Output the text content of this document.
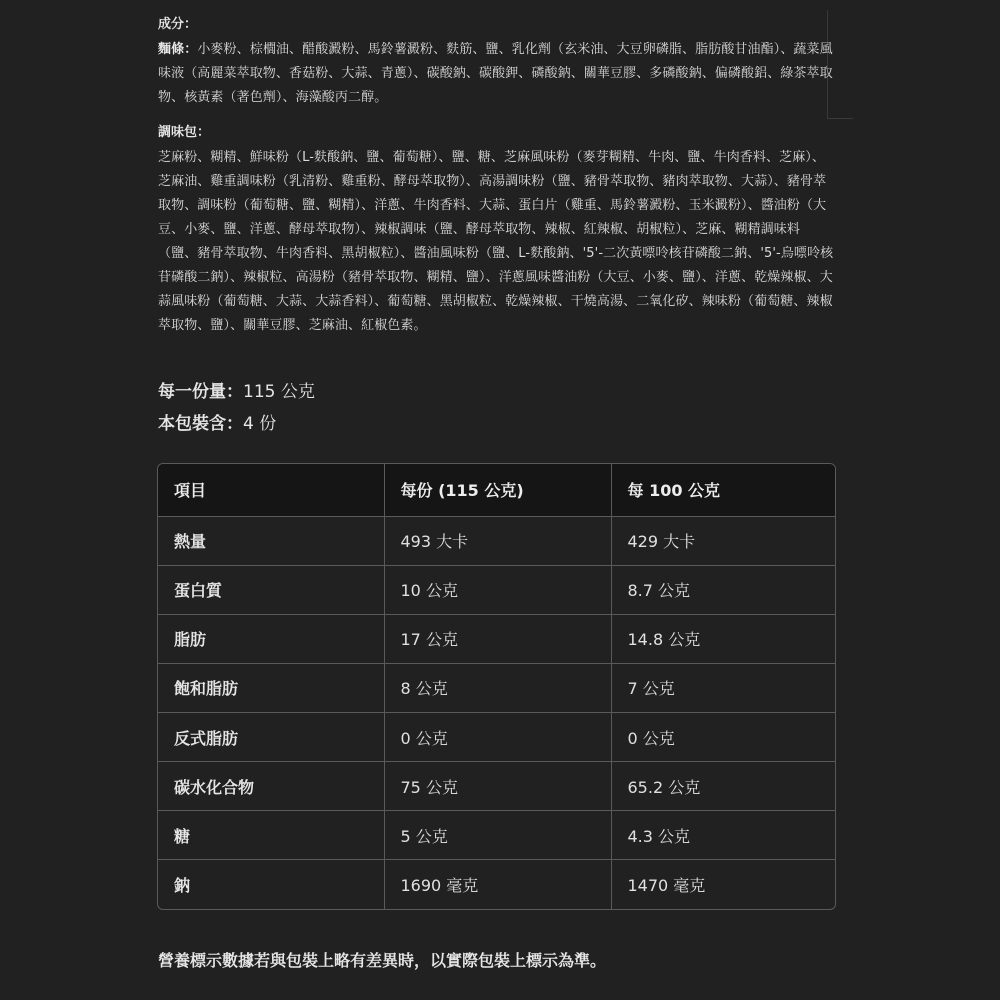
成分：

麵條：小麥粉、棕櫚油、醋酸澱粉、馬鈴薯澱粉、麩筋、鹽、乳化劑（玄米油、大豆卵磷脂、脂肪酸甘油酯）、蔬菜風味液（高麗菜萃取物、香菇粉、大蒜、青蔥）、碳酸鈉、碳酸鉀、磷酸鈉、關華豆膠、多磷酸鈉、偏磷酸鋁、綠茶萃取物、核黃素（著色劑）、海藻酸丙二醇。

調味包：

芝麻粉、糊精、鮮味粉（L-麩酸鈉、鹽、葡萄糖）、鹽、糖、芝麻風味粉（麥芽糊精、牛肉、鹽、牛肉香料、芝麻）、芝麻油、雞重調味粉（乳清粉、雞重粉、酵母萃取物）、高湯調味粉（鹽、豬骨萃取物、豬肉萃取物、大蒜）、豬骨萃取物、調味粉（葡萄糖、鹽、糊精）、洋蔥、牛肉香料、大蒜、蛋白片（雞重、馬鈴薯澱粉、玉米澱粉）、醬油粉（大豆、小麥、鹽、洋蔥、酵母萃取物）、辣椒調味（鹽、酵母萃取物、辣椒、紅辣椒、胡椒粒）、芝麻、糊精調味料（鹽、豬骨萃取物、牛肉香料、黑胡椒粒）、醬油風味粉（鹽、L-麩酸鈉、'5'-二次黃嘌呤核苷磷酸二鈉、'5'-烏嘌呤核苷磷酸二鈉）、辣椒粒、高湯粉（豬骨萃取物、糊精、鹽）、洋蔥風味醬油粉（大豆、小麥、鹽）、洋蔥、乾燥辣椒、大蒜風味粉（葡萄糖、大蒜、大蒜香料）、葡萄糖、黑胡椒粒、乾燥辣椒、干燒高湯、二氧化矽、辣味粉（葡萄糖、辣椒萃取物、鹽）、關華豆膠、芝麻油、紅椒色素。

每一份量：115 公克

本包裝含：4 份

項目	每份 (115 公克)	每 100 公克
熱量	493 大卡	429 大卡
蛋白質	10 公克	8.7 公克
脂肪	17 公克	14.8 公克
飽和脂肪	8 公克	7 公克
反式脂肪	0 公克	0 公克
碳水化合物	75 公克	65.2 公克
糖	5 公克	4.3 公克
鈉	1690 毫克	1470 毫克

營養標示數據若與包裝上略有差異時，以實際包裝上標示為準。
